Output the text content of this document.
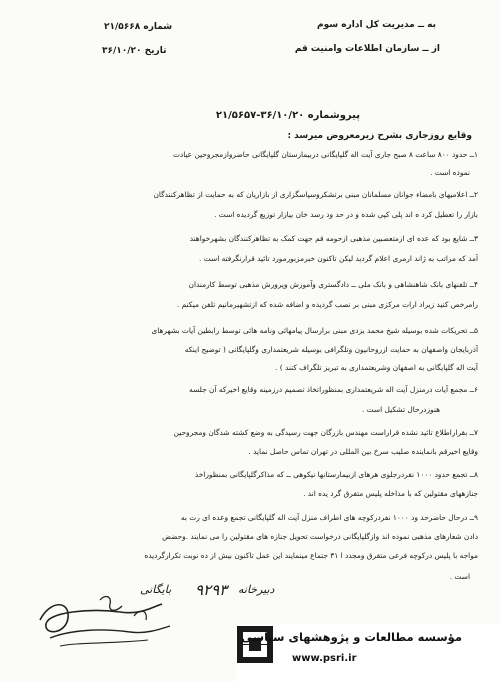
به ــ مدیریت کل اداره سوم
از ــ سازمان اطلاعات وامنیت قم
شماره ۲۱/۵۶۶۸
تاریخ ۳۶/۱۰/۲۰
پیروشماره ۳۶/۱۰/۲۰-۲۱/۵۶۵۷
وقایع روزجاری بشرح زیرمعروض میرسد :
۱ــ حدود ۸۰۰ ساعت ۸ صبح جاری آیت اله گلپایگانی دربیمارستان گلپایگانی حاضروازمجروحین عیادت
نموده است .
۲ــ اعلامیهای بامضاء جوانان مسلمانان مبنی برتشکروسپاسگزاری از بازاریان که به حمایت از تظاهرکنندگان
بازار را تعطیل کرد ه اند پلی کپی شده و در حد ود رسد خان بیازار توزیع گردیده است .
۳ــ شایع بود که عده ای ازمتعصبین مذهبی ازحومه قم جهت کمک به تظاهرکنندگان بشهرخواهند
آمد که مراتب به ژاند ارمری اعلام گردید لیکن تاکنون خبرمزبورمورد تائید قرارنگرفته است .
۴ــ تلفنهای بانک شاهنشاهی و بانک ملی ــ دادگستری وآموزش وپرورش مذهبی توسط کارمندان
رامرخص کنید زیراد ارات مرکزی مبنی بر نصب گردیده و اضافه شده که ازتشهیرمانیم تلفن میکنم .
۵ــ تحریکات شده بوسیله شیخ محمد یزدی مبنی برارسال پیامهائی ونامه هائی توسط رابطین آیات بشهرهای
آذربایجان واصفهان به حمایت ازروحانیون وتلگرافی بوسیله شریعتمداری وگلپایگانی ( توضیح اینکه
آیت اله گلپایگانی به اصفهان وشریعتمداری به تبریز تلگراف کنند ) .
۶ــ مجمع آیات درمنزل آیت اله شریعتمداری بمنظوراتخاذ تصمیم درزمینه وقایع اخیرکه آن جلسه
هنوزدرحال تشکیل است .
۷ــ بقراراطلاع تائید نشده قراراست مهندس بازرگان جهت رسیدگی به وضع کشته شدگان ومجروحین
وقایع اخیرقم بانماینده صلیب سرخ بین المللی در تهران تماس حاصل نماید .
۸ــ تجمع حدود ۱۰۰۰ نفردرجلوی هرهای ازبیمارستانها نیکوهی ــ که مذاکرگلپایگانی بمنظوراخذ
جنازههای مقتولین که با مداخله پلیس متفرق گرد یده اند .
۹ــ درحال حاضرحد ود ۱۰۰۰ نفردرکوچه های اطراف منزل آیت اله گلپایگانی تجمع وعده ای رت به
دادن شعارهای مذهبی نموده اند وازگلپایگانی درخواست تحویل جنازه های مقتولین را می نمایند .وحضض
مواجه با پلیس درکوچه فرعی متفرق ومجدد ا ۳۱ جتماع مینمایند این عمل تاکنون بیش از ده نوبت تکرارگردیده
است .
۹۲۹۳ دبیرخانه
بایگانی
مؤسسه مطالعات و پژوهشهای سیاسی
www.psri.ir
